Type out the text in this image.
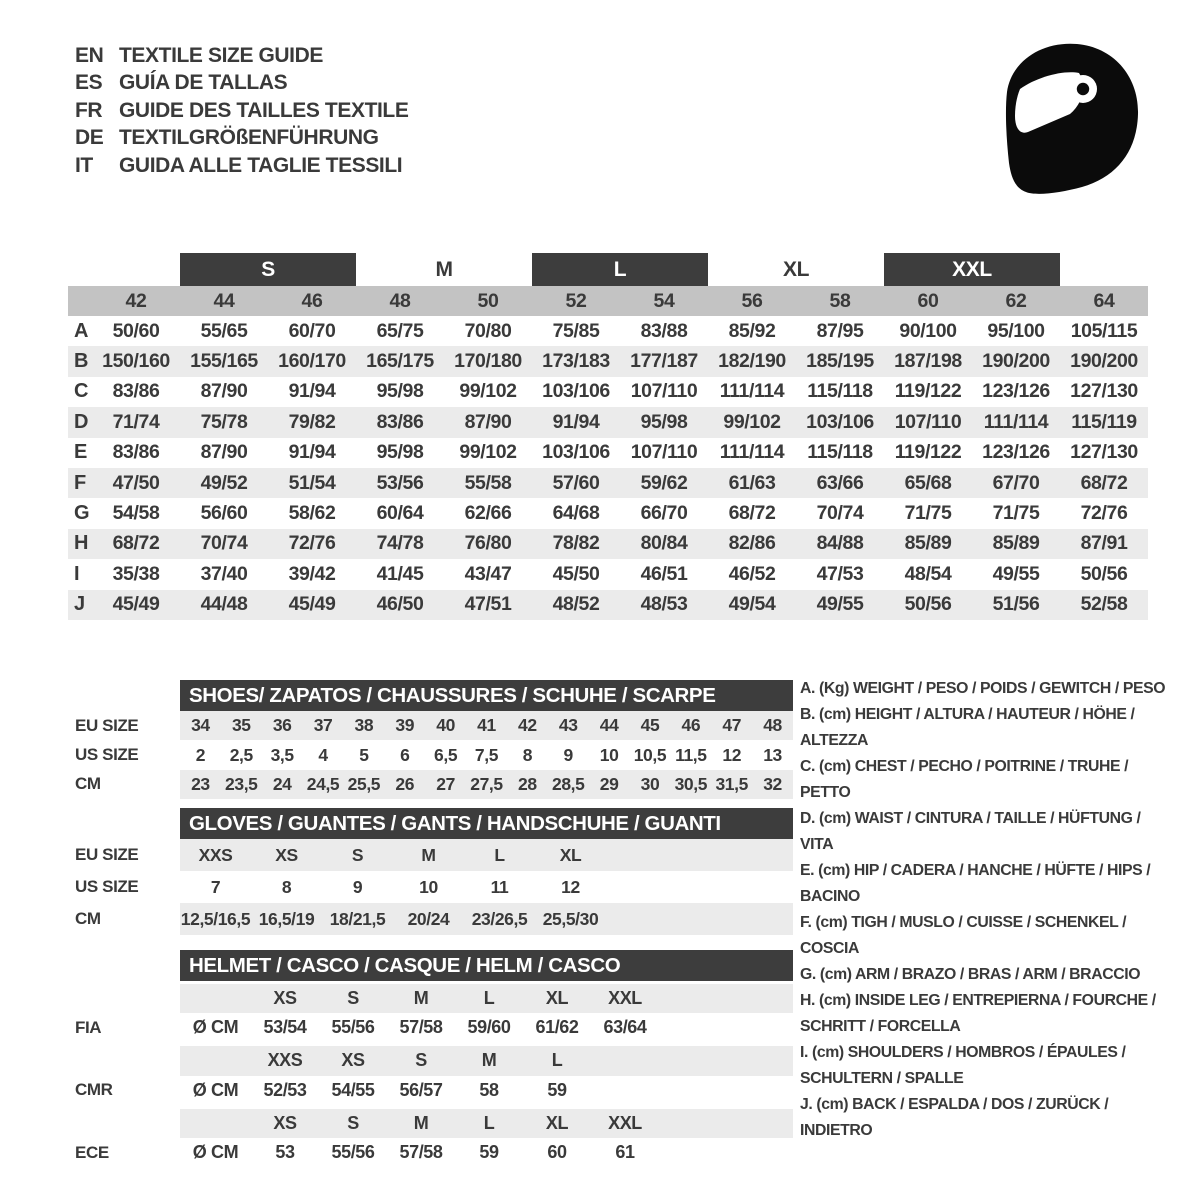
EN TEXTILE SIZE GUIDE
ES GUÍA DE TALLAS
FR GUIDE DES TAILLES TEXTILE
DE TEXTILGRÖßENFÜHRUNG
IT	GUIDA ALLE TAGLIE TESSILI
S	M	L	XL	XXL
42	44	46	48	50	52	54	56	58	60	62	64
A	50/60	55/65	60/70	65/75	70/80	75/85	83/88	85/92	87/95	90/100	95/100	105/115
B 150/160	155/165	160/170	165/175	170/180	173/183	177/187	182/190	185/195	187/198	190/200	190/200
C	83/86	87/90	91/94	95/98	99/102	103/106	107/110	111/114	115/118	119/122	123/126	127/130
D	71/74	75/78	79/82	83/86	87/90	91/94	95/98	99/102	103/106	107/110	111/114	115/119
E	83/86	87/90	91/94	95/98	99/102	103/106	107/110	111/114	115/118	119/122	123/126	127/130
F	47/50	49/52	51/54	53/56	55/58	57/60	59/62	61/63	63/66	65/68	67/70	68/72
G	54/58	56/60	58/62	60/64	62/66	64/68	66/70	68/72	70/74	71/75	71/75	72/76
H	68/72	70/74	72/76	74/78	76/80	78/82	80/84	82/86	84/88	85/89	85/89	87/91
I	35/38	37/40	39/42	41/45	43/47	45/50	46/51	46/52	47/53	48/54	49/55	50/56
J	45/49	44/48	45/49	46/50	47/51	48/52	48/53	49/54	49/55	50/56	51/56	52/58
SHOES/ ZAPATOS / CHAUSSURES / SCHUHE / SCARPE
EU SIZE	34	35	36	37	38	39	40	41	42	43	44	45	46	47	48
US SIZE	2	2,5	3,5	4	5	6	6,5	7,5	8	9	10 10,5 11,5 12	13
CM	23 23,5 24 24,5 25,5 26	27 27,5 28 28,5 29	30 30,5 31,5 32
GLOVES / GUANTES / GANTS / HANDSCHUHE / GUANTI
EU SIZE	XXS	XS	S	M	L	XL
US SIZE	7	8	9	10	11	12
CM	12,5/16,5 16,5/19 18/21,5	20/24	23/26,5 25,5/30
HELMET / CASCO / CASQUE / HELM / CASCO
XS	S	M	L	XL	XXL
FIA	Ø CM	53/54	55/56	57/58	59/60	61/62	63/64
XXS	XS	S	M	L
CMR	Ø CM	52/53	54/55	56/57	58	59
XS	S	M	L	XL	XXL
ECE	Ø CM	53	55/56	57/58	59	60	61
A. (Kg) WEIGHT / PESO / POIDS / GEWITCH / PESO
B. (cm) HEIGHT / ALTURA / HAUTEUR / HÖHE / ALTEZZA
C. (cm) CHEST / PECHO / POITRINE / TRUHE / PETTO
D. (cm) WAIST / CINTURA / TAILLE / HÜFTUNG / VITA
E. (cm) HIP / CADERA / HANCHE / HÜFTE / HIPS / BACINO
F. (cm) TIGH / MUSLO / CUISSE / SCHENKEL / COSCIA
G. (cm) ARM / BRAZO / BRAS / ARM / BRACCIO
H. (cm) INSIDE LEG / ENTREPIERNA / FOURCHE / SCHRITT / FORCELLA
I. (cm) SHOULDERS / HOMBROS / ÉPAULES / SCHULTERN / SPALLE
J. (cm) BACK / ESPALDA / DOS / ZURÜCK / INDIETRO
